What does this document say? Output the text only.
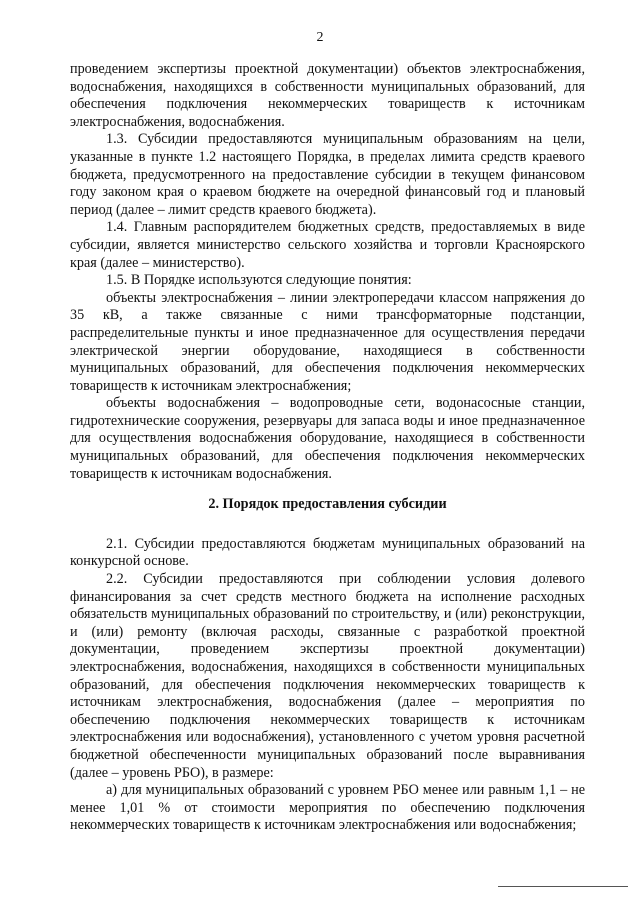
2

проведением экспертизы проектной документации) объектов электроснабжения, водоснабжения, находящихся в собственности муниципальных образований, для обеспечения подключения некоммерческих товариществ к источникам электроснабжения, водоснабжения.

1.3. Субсидии предоставляются муниципальным образованиям на цели, указанные в пункте 1.2 настоящего Порядка, в пределах лимита средств краевого бюджета, предусмотренного на предоставление субсидии в текущем финансовом году законом края о краевом бюджете на очередной финансовый год и плановый период (далее – лимит средств краевого бюджета).

1.4. Главным распорядителем бюджетных средств, предоставляемых в виде субсидии, является министерство сельского хозяйства и торговли Красноярского края (далее – министерство).

1.5. В Порядке используются следующие понятия:

объекты электроснабжения – линии электропередачи классом напряжения до 35 кВ, а также связанные с ними трансформаторные подстанции, распределительные пункты и иное предназначенное для осуществления передачи электрической энергии оборудование, находящиеся в собственности муниципальных образований, для обеспечения подключения некоммерческих товариществ к источникам электроснабжения;

объекты водоснабжения – водопроводные сети, водонасосные станции, гидротехнические сооружения, резервуары для запаса воды и иное предназначенное для осуществления водоснабжения оборудование, находящиеся в собственности муниципальных образований, для обеспечения подключения некоммерческих товариществ к источникам водоснабжения.

2. Порядок предоставления субсидии

2.1. Субсидии предоставляются бюджетам муниципальных образований на конкурсной основе.

2.2. Субсидии предоставляются при соблюдении условия долевого финансирования за счет средств местного бюджета на исполнение расходных обязательств муниципальных образований по строительству, и (или) реконструкции, и (или) ремонту (включая расходы, связанные с разработкой проектной документации, проведением экспертизы проектной документации) электроснабжения, водоснабжения, находящихся в собственности муниципальных образований, для обеспечения подключения некоммерческих товариществ к источникам электроснабжения, водоснабжения (далее – мероприятия по обеспечению подключения некоммерческих товариществ к источникам электроснабжения или водоснабжения), установленного с учетом уровня расчетной бюджетной обеспеченности муниципальных образований после выравнивания (далее – уровень РБО), в размере:

а) для муниципальных образований с уровнем РБО менее или равным 1,1 – не менее 1,01 % от стоимости мероприятия по обеспечению подключения некоммерческих товариществ к источникам электроснабжения или водоснабжения;
